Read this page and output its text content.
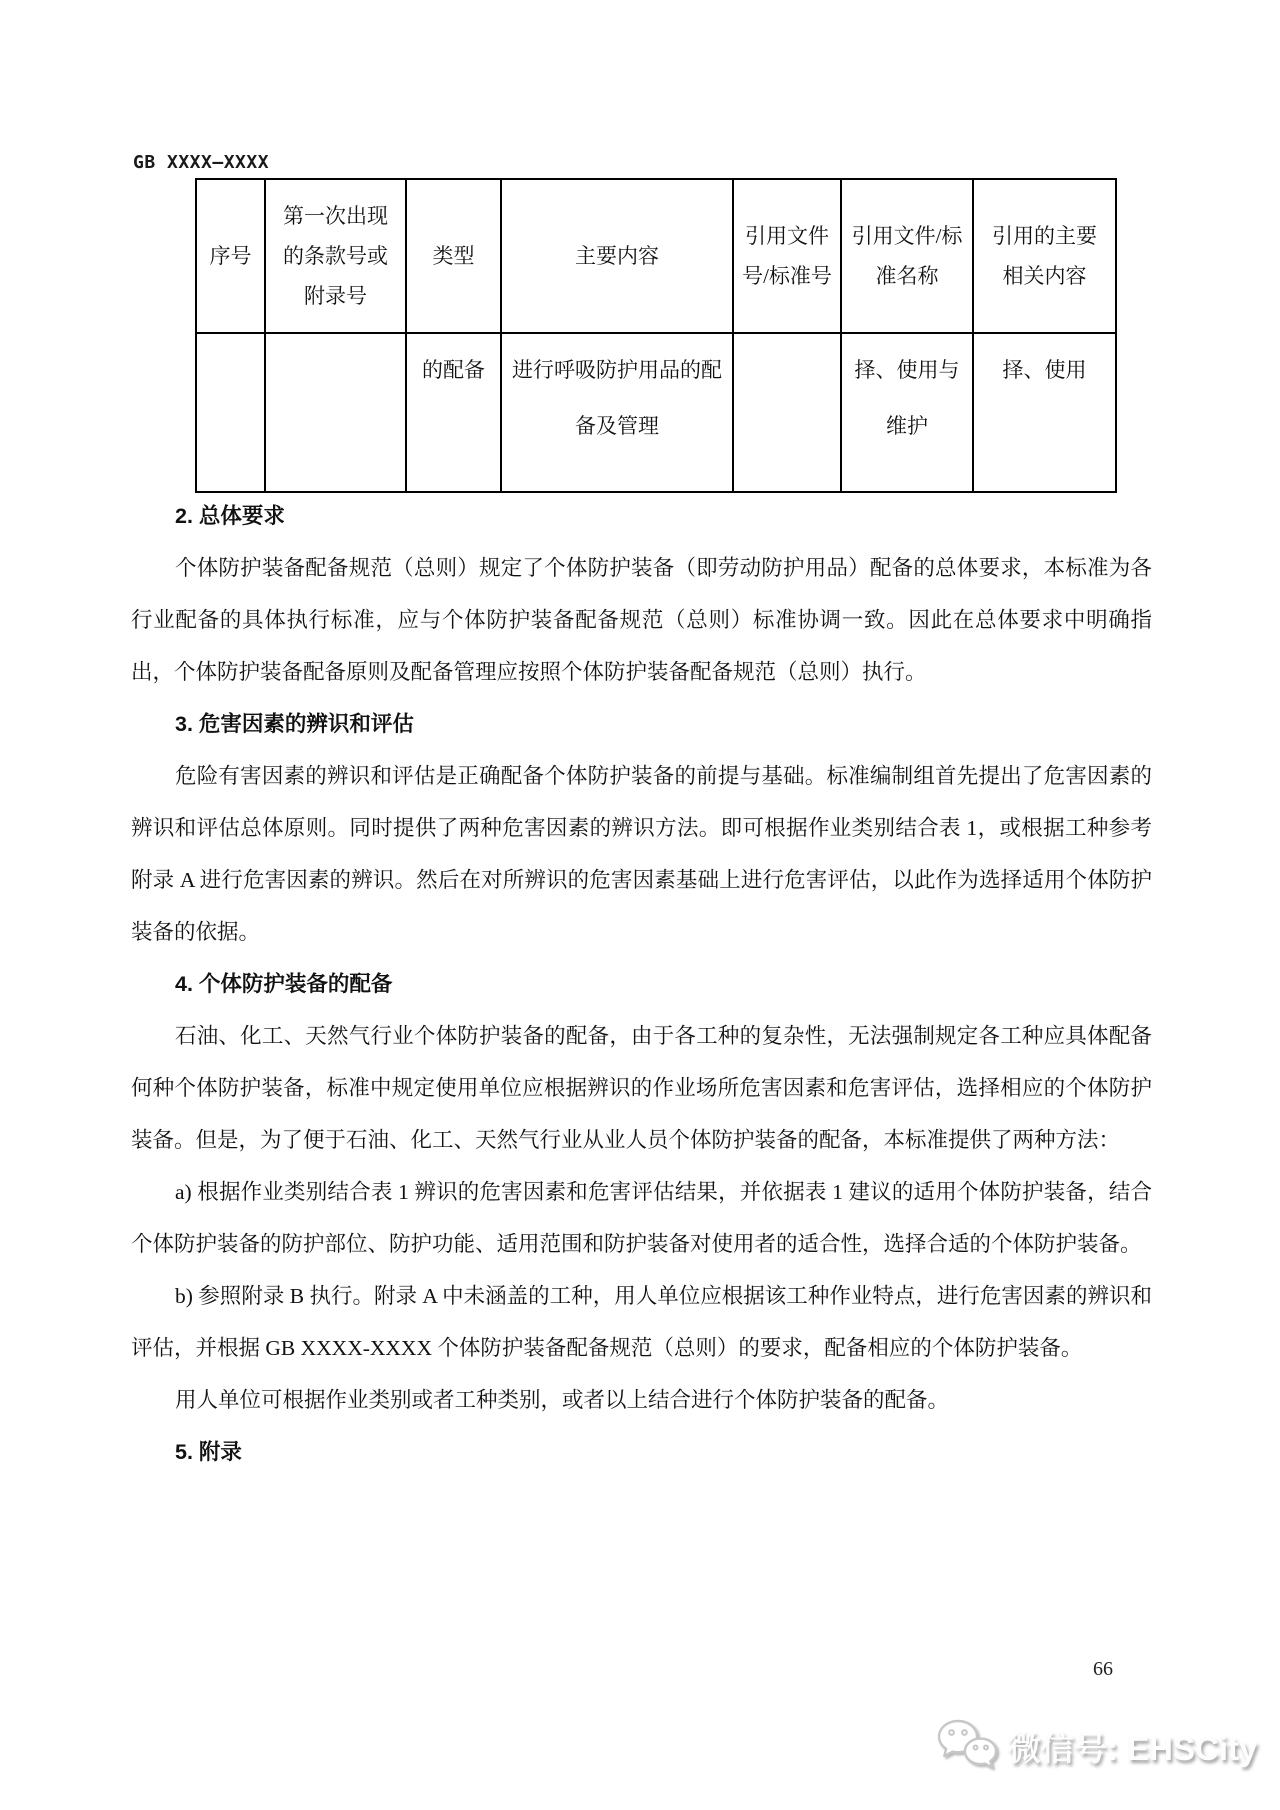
GB XXXX—XXXX
序号	第一次出现的条款号或附录号	类型	主要内容	引用文件号/标准号	引用文件/标准名称	引用的主要相关内容
		的配备	进行呼吸防护用品的配备及管理		择、使用与维护	择、使用
2. 总体要求

个体防护装备配备规范（总则）规定了个体防护装备（即劳动防护用品）配备的总体要求，本标准为各行业配备的具体执行标准，应与个体防护装备配备规范（总则）标准协调一致。因此在总体要求中明确指出，个体防护装备配备原则及配备管理应按照个体防护装备配备规范（总则）执行。

3. 危害因素的辨识和评估

危险有害因素的辨识和评估是正确配备个体防护装备的前提与基础。标准编制组首先提出了危害因素的辨识和评估总体原则。同时提供了两种危害因素的辨识方法。即可根据作业类别结合表 1，或根据工种参考附录 A 进行危害因素的辨识。然后在对所辨识的危害因素基础上进行危害评估，以此作为选择适用个体防护装备的依据。

4. 个体防护装备的配备

石油、化工、天然气行业个体防护装备的配备，由于各工种的复杂性，无法强制规定各工种应具体配备何种个体防护装备，标准中规定使用单位应根据辨识的作业场所危害因素和危害评估，选择相应的个体防护装备。但是，为了便于石油、化工、天然气行业从业人员个体防护装备的配备，本标准提供了两种方法：

a) 根据作业类别结合表 1 辨识的危害因素和危害评估结果，并依据表 1 建议的适用个体防护装备，结合个体防护装备的防护部位、防护功能、适用范围和防护装备对使用者的适合性，选择合适的个体防护装备。

b) 参照附录 B 执行。附录 A 中未涵盖的工种，用人单位应根据该工种作业特点，进行危害因素的辨识和评估，并根据 GB XXXX-XXXX 个体防护装备配备规范（总则）的要求，配备相应的个体防护装备。

用人单位可根据作业类别或者工种类别，或者以上结合进行个体防护装备的配备。

5. 附录
66
微信号: EHSCity
